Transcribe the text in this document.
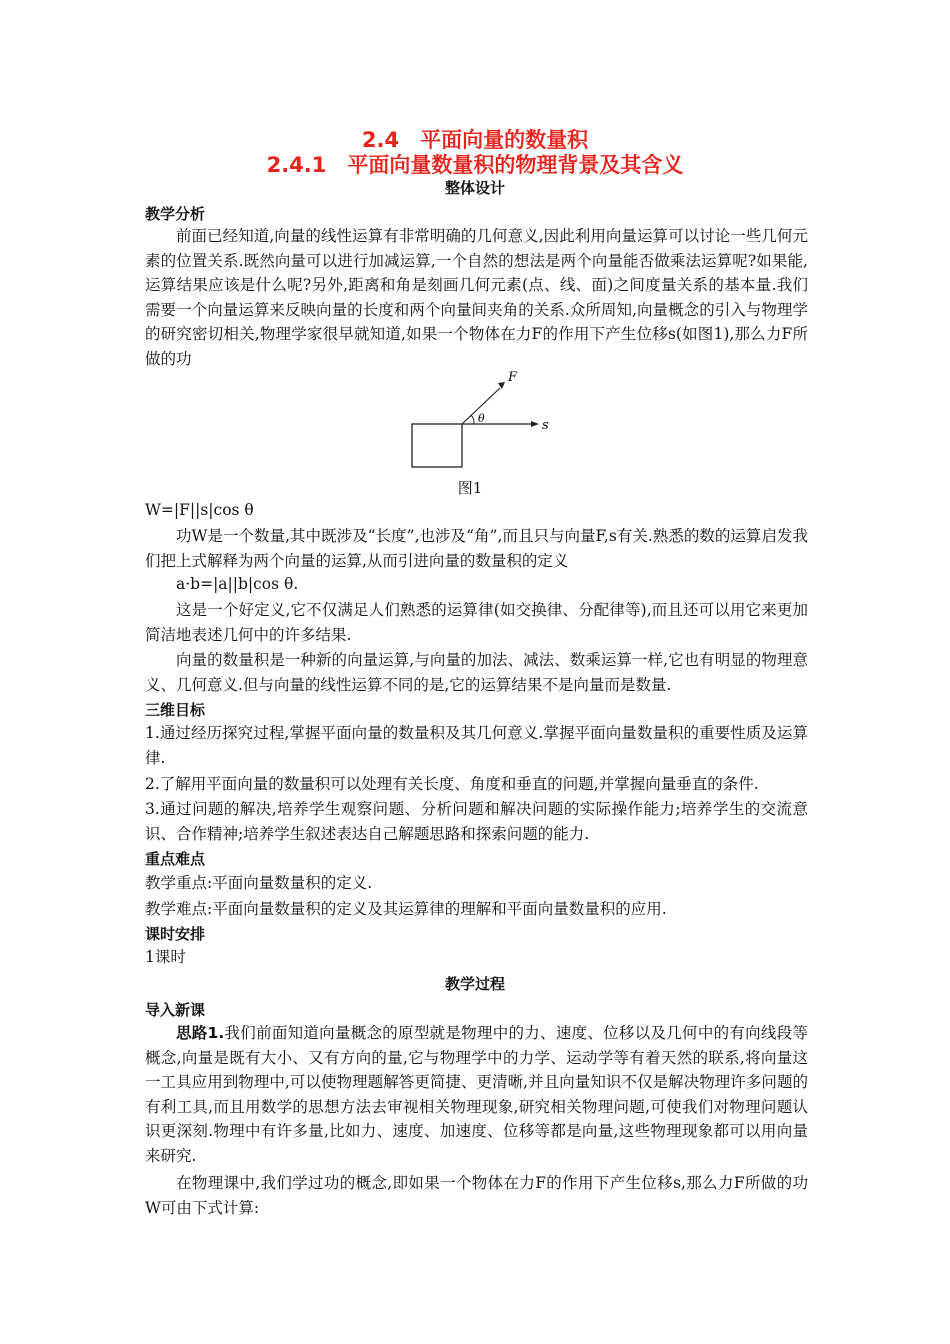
2.4　平面向量的数量积
2.4.1　平面向量数量积的物理背景及其含义
整体设计
教学分析
前面已经知道,向量的线性运算有非常明确的几何意义,因此利用向量运算可以讨论一些几何元素的位置关系.既然向量可以进行加减运算,一个自然的想法是两个向量能否做乘法运算呢?如果能,运算结果应该是什么呢?另外,距离和角是刻画几何元素(点、线、面)之间度量关系的基本量.我们需要一个向量运算来反映向量的长度和两个向量间夹角的关系.众所周知,向量概念的引入与物理学的研究密切相关,物理学家很早就知道,如果一个物体在力F的作用下产生位移s(如图1),那么力F所做的功
F
θ	s
图1
W=|F||s|cos θ
功W是一个数量,其中既涉及“长度”,也涉及“角”,而且只与向量F,s有关.熟悉的数的运算启发我们把上式解释为两个向量的运算,从而引进向量的数量积的定义
a·b=|a||b|cos θ.
这是一个好定义,它不仅满足人们熟悉的运算律(如交换律、分配律等),而且还可以用它来更加简洁地表述几何中的许多结果.
向量的数量积是一种新的向量运算,与向量的加法、减法、数乘运算一样,它也有明显的物理意义、几何意义.但与向量的线性运算不同的是,它的运算结果不是向量而是数量.
三维目标
1.通过经历探究过程,掌握平面向量的数量积及其几何意义.掌握平面向量数量积的重要性质及运算律.
2.了解用平面向量的数量积可以处理有关长度、角度和垂直的问题,并掌握向量垂直的条件.
3.通过问题的解决,培养学生观察问题、分析问题和解决问题的实际操作能力;培养学生的交流意识、合作精神;培养学生叙述表达自己解题思路和探索问题的能力.
重点难点
教学重点:平面向量数量积的定义.
教学难点:平面向量数量积的定义及其运算律的理解和平面向量数量积的应用.
课时安排
1课时
教学过程
导入新课
思路1.我们前面知道向量概念的原型就是物理中的力、速度、位移以及几何中的有向线段等概念,向量是既有大小、又有方向的量,它与物理学中的力学、运动学等有着天然的联系,将向量这一工具应用到物理中,可以使物理题解答更简捷、更清晰,并且向量知识不仅是解决物理许多问题的有利工具,而且用数学的思想方法去审视相关物理现象,研究相关物理问题,可使我们对物理问题认识更深刻.物理中有许多量,比如力、速度、加速度、位移等都是向量,这些物理现象都可以用向量来研究.
在物理课中,我们学过功的概念,即如果一个物体在力F的作用下产生位移s,那么力F所做的功W可由下式计算:
